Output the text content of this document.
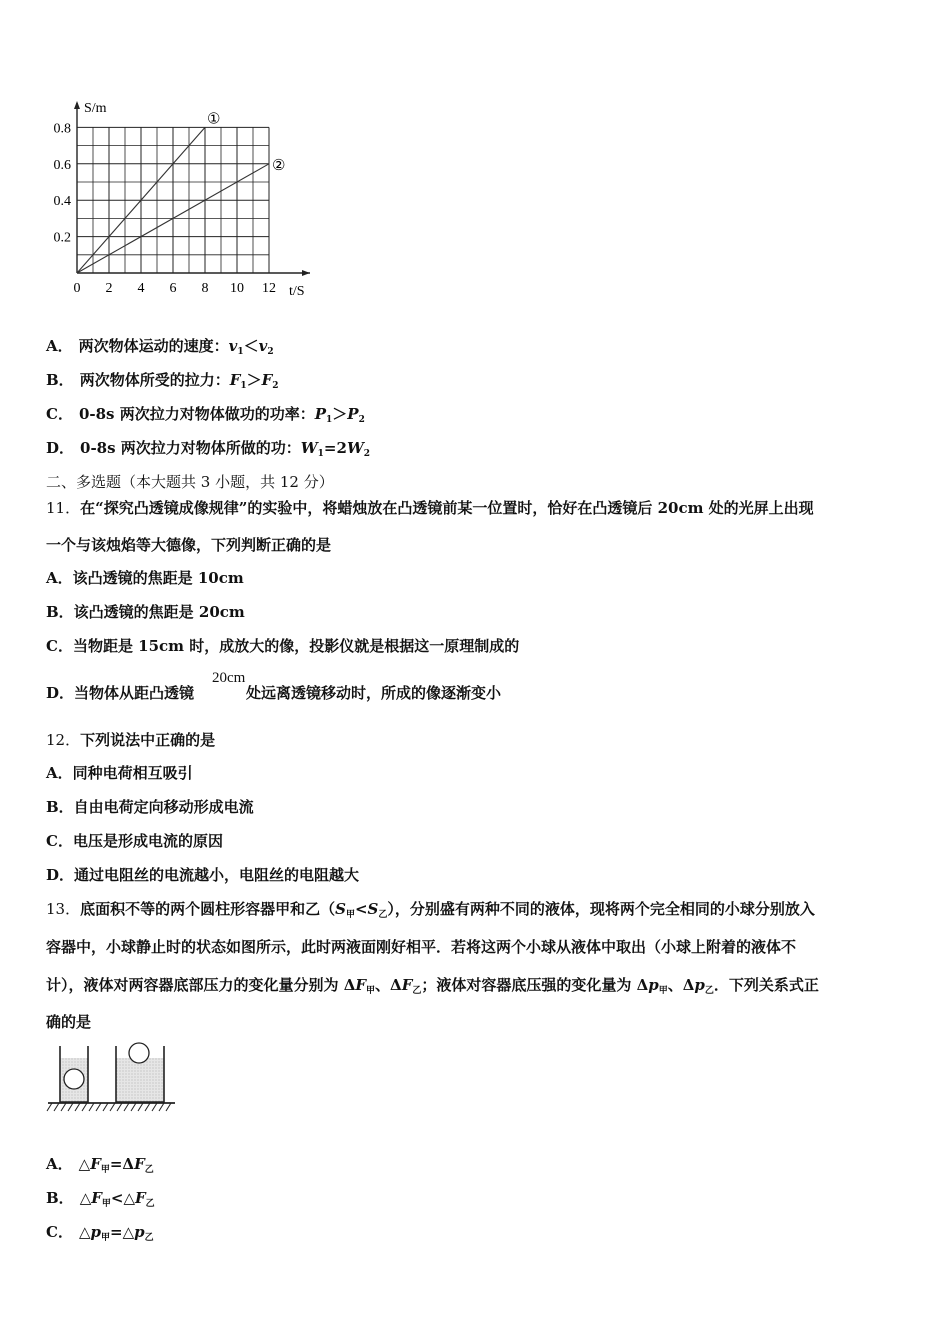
①
②
S/m
t/S
0 2 4 6 8 10 12
0.2
0.4
0.6
0.8
A． 两次物体运动的速度：$v_1<v_2$
B． 两次物体所受的拉力：$F_1>F_2$
C． 0-8s 两次拉力对物体做功的功率：$P_1>P_2$
D． 0-8s 两次拉力对物体所做的功：$W_1=2W_2$
二、多选题（本大题共 3 小题，共 12 分）
11．在“探究凸透镜成像规律”的实验中，将蜡烛放在凸透镜前某一位置时，恰好在凸透镜后 20cm 处的光屏上出现
一个与该烛焰等大德像，下列判断正确的是
A．该凸透镜的焦距是 10cm
B．该凸透镜的焦距是 20cm
C．当物距是 15cm 时，成放大的像，投影仪就是根据这一原理制成的
D．当物体从距凸透镜	处远离透镜移动时，所成的像逐渐变小
20cm
12．下列说法中正确的是
A．同种电荷相互吸引
B．自由电荷定向移动形成电流
C．电压是形成电流的原因
D．通过电阻丝的电流越小，电阻丝的电阻越大
13．底面积不等的两个圆柱形容器甲和乙$(S_甲<S_乙)$，分别盛有两种不同的液体，现将两个完全相同的小球分别放入
容器中，小球静止时的状态如图所示，此时两液面刚好相平．若将这两个小球从液体中取出（小球上附着的液体不
计），液体对两容器底部压力的变化量分别为 $\Delta F_甲$、$\Delta F_乙$；液体对容器底压强的变化量为 $\Delta p_甲$、$\Delta p_乙$．下列关系式正
确的是
A． $\triangle F_甲=\Delta F_乙$
B． $\triangle F_甲<\triangle F_乙$
C． $\triangle p_甲=\triangle p_乙$
